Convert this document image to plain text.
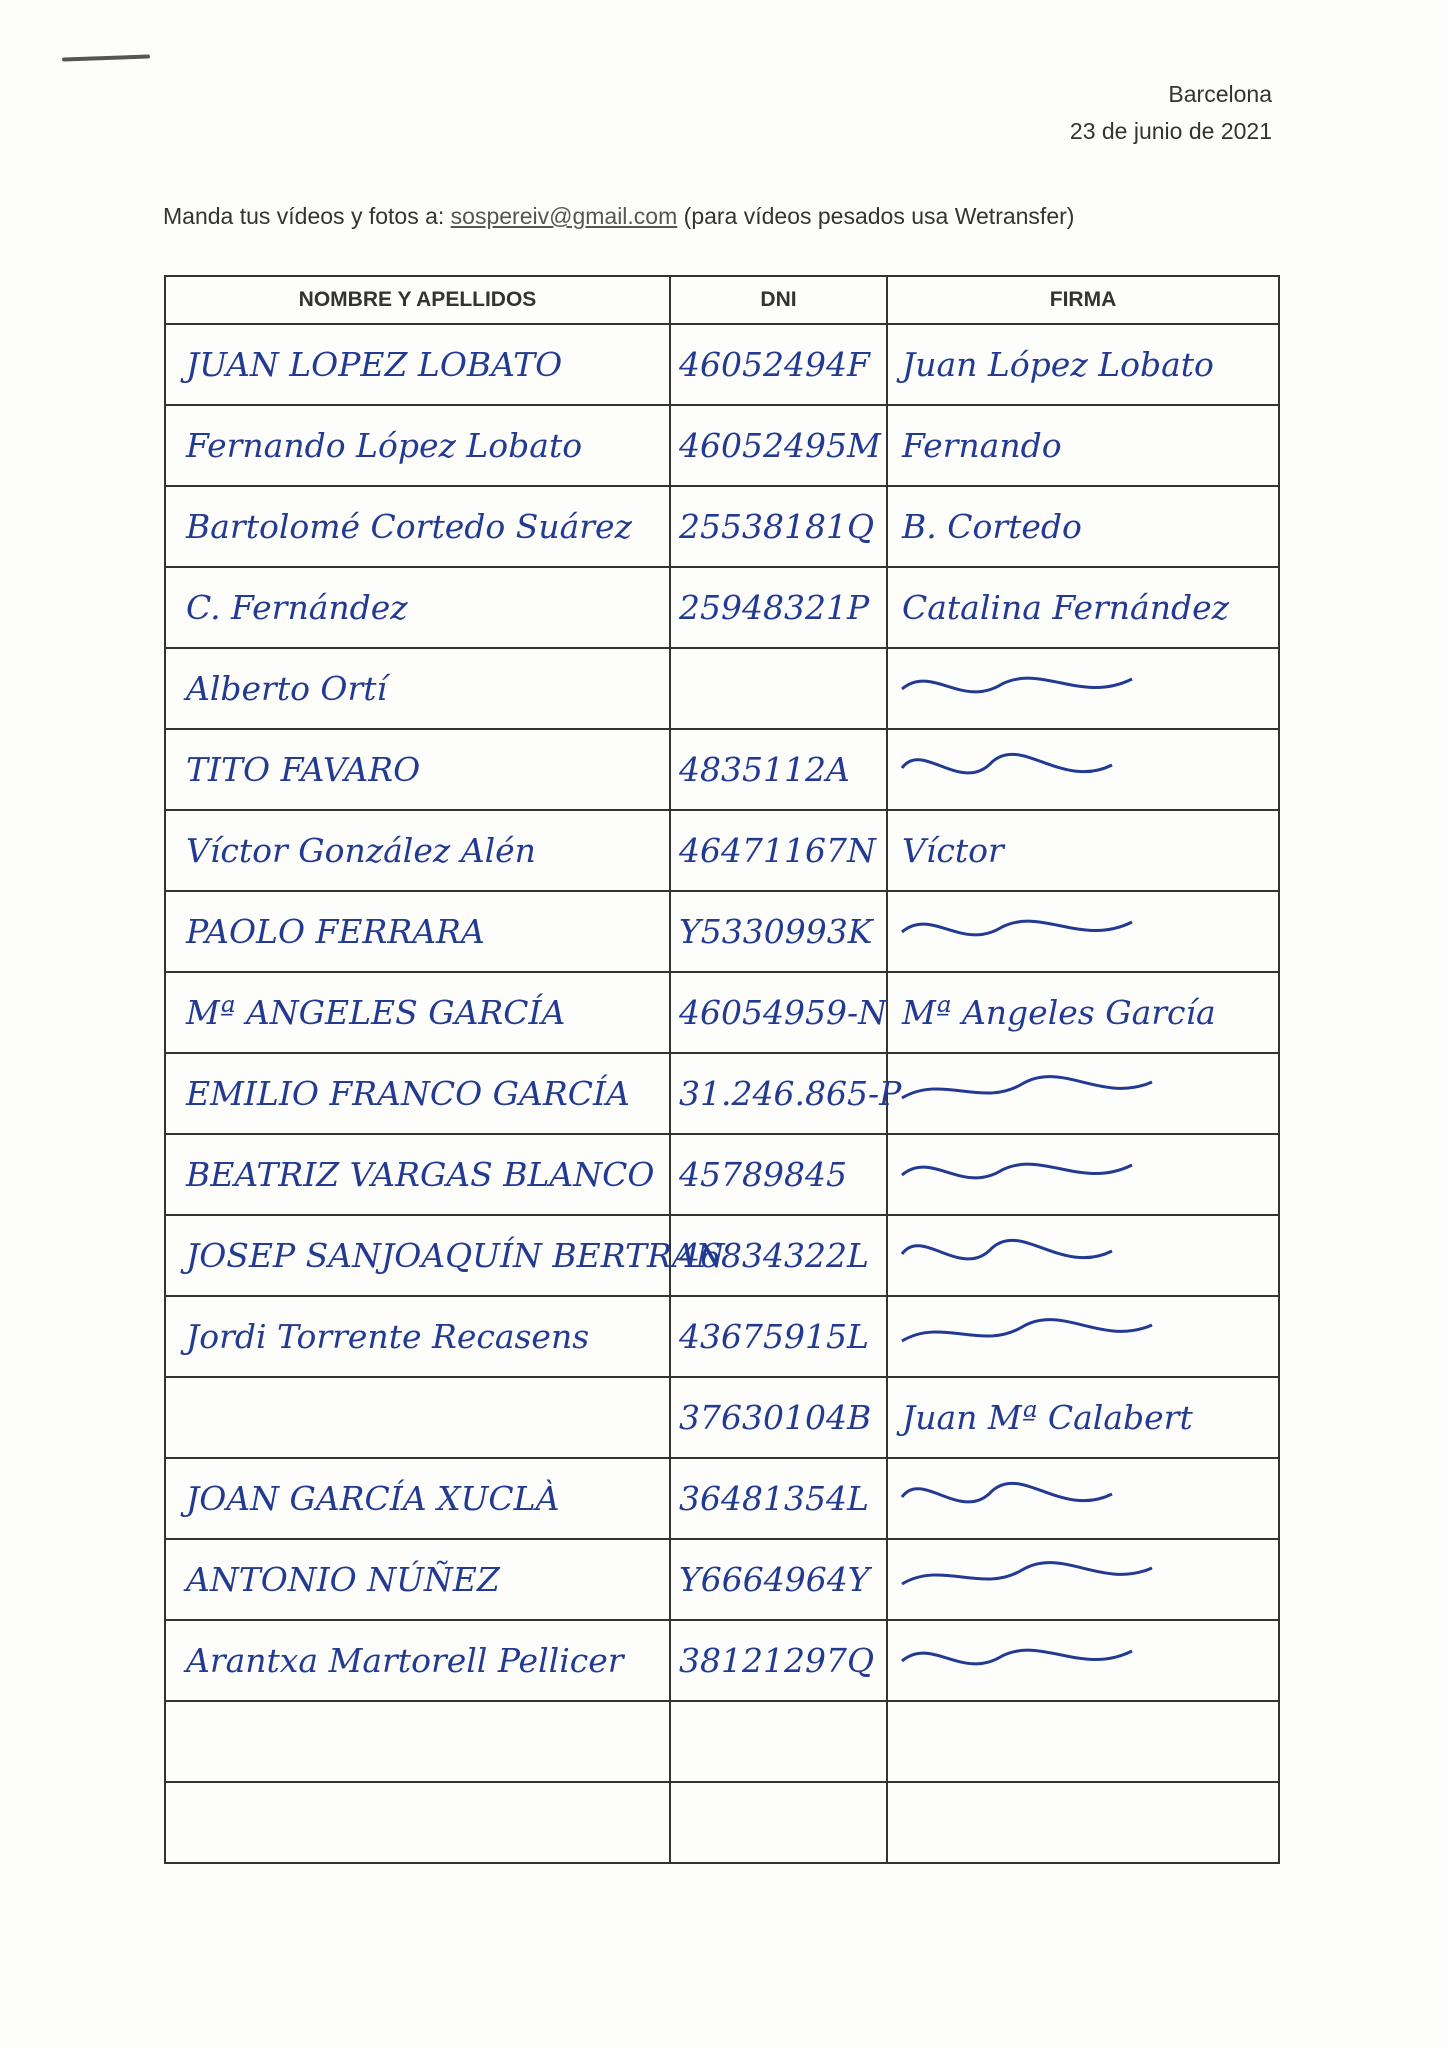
Barcelona
23 de junio de 2021
Manda tus vídeos y fotos a: sospereiv@gmail.com (para vídeos pesados usa Wetransfer)
NOMBRE Y APELLIDOS	DNI	FIRMA
JUAN LOPEZ LOBATO	46052494F	Juan López Lobato
Fernando López Lobato	46052495M	Fernando
Bartolomé Cortedo Suárez	25538181Q	B. Cortedo
C. Fernández	25948321P	Catalina Fernández
Alberto Ortí		
TITO FAVARO	4835112A	
Víctor González Alén	46471167N	Víctor
PAOLO FERRARA	Y5330993K	
Mª ANGELES GARCÍA	46054959-N	Mª Angeles García
EMILIO FRANCO GARCÍA	31.246.865-P	
BEATRIZ VARGAS BLANCO	45789845	
JOSEP SANJOAQUÍN BERTRAN	46834322L	
Jordi Torrente Recasens	43675915L	
	37630104B	Juan Mª Calabert
JOAN GARCÍA XUCLÀ	36481354L	
ANTONIO NÚÑEZ	Y6664964Y	
Arantxa Martorell Pellicer	38121297Q	
